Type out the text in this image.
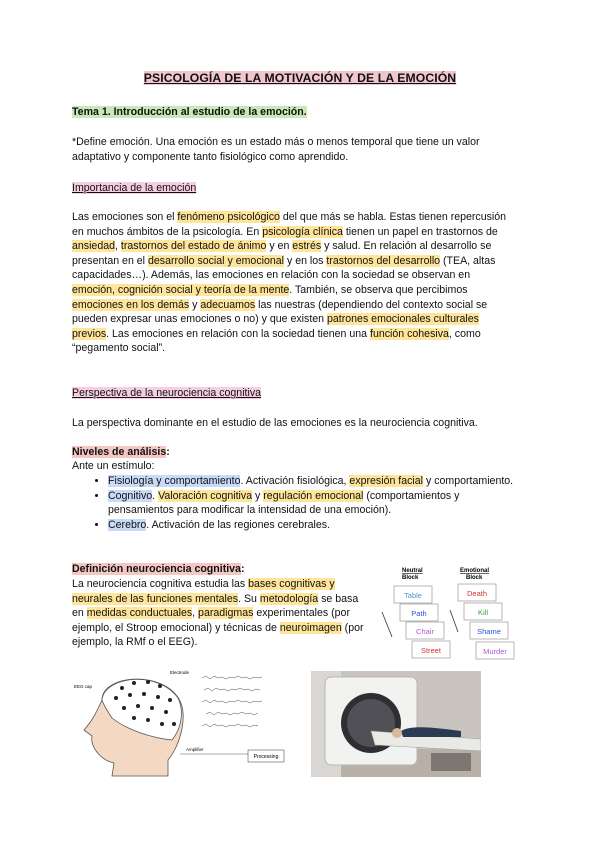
PSICOLOGÍA DE LA MOTIVACIÓN Y DE LA EMOCIÓN
Tema 1. Introducción al estudio de la emoción.
*Define emoción. Una emoción es un estado más o menos temporal que tiene un valor adaptativo y componente tanto fisiológico como aprendido.
Importancia de la emoción
Las emociones son el fenómeno psicológico del que más se habla. Estas tienen repercusión en muchos ámbitos de la psicología. En psicología clínica tienen un papel en trastornos de ansiedad, trastornos del estado de ánimo y en estrés y salud. En relación al desarrollo se presentan en el desarrollo social y emocional y en los trastornos del desarrollo (TEA, altas capacidades…). Además, las emociones en relación con la sociedad se observan en emoción, cognición social y teoría de la mente. También, se observa que percibimos emociones en los demás y adecuamos las nuestras (dependiendo del contexto social se pueden expresar unas emociones o no) y que existen patrones emocionales culturales previos. Las emociones en relación con la sociedad tienen una función cohesiva, como “pegamento social”.
Perspectiva de la neurociencia cognitiva
La perspectiva dominante en el estudio de las emociones es la neurociencia cognitiva.
Niveles de análisis:
Ante un estímulo:
• Fisiología y comportamiento. Activación fisiológica, expresión facial y comportamiento.
• Cognitivo. Valoración cognitiva y regulación emocional (comportamientos y pensamientos para modificar la intensidad de una emoción).
• Cerebro. Activación de las regiones cerebrales.
Definición neurociencia cognitiva:
La neurociencia cognitiva estudia las bases cognitivas y neurales de las funciones mentales. Su metodología se basa en medidas conductuales, paradigmas experimentales (por ejemplo, el Stroop emocional) y técnicas de neuroimagen (por ejemplo, la RMf o el EEG).
Neutral
Block
Emotional
Block
Table
Path
Chair
Street
Death
Kill
Shame
Murder
EEG cap
Electrode
Processing
Amplifier
